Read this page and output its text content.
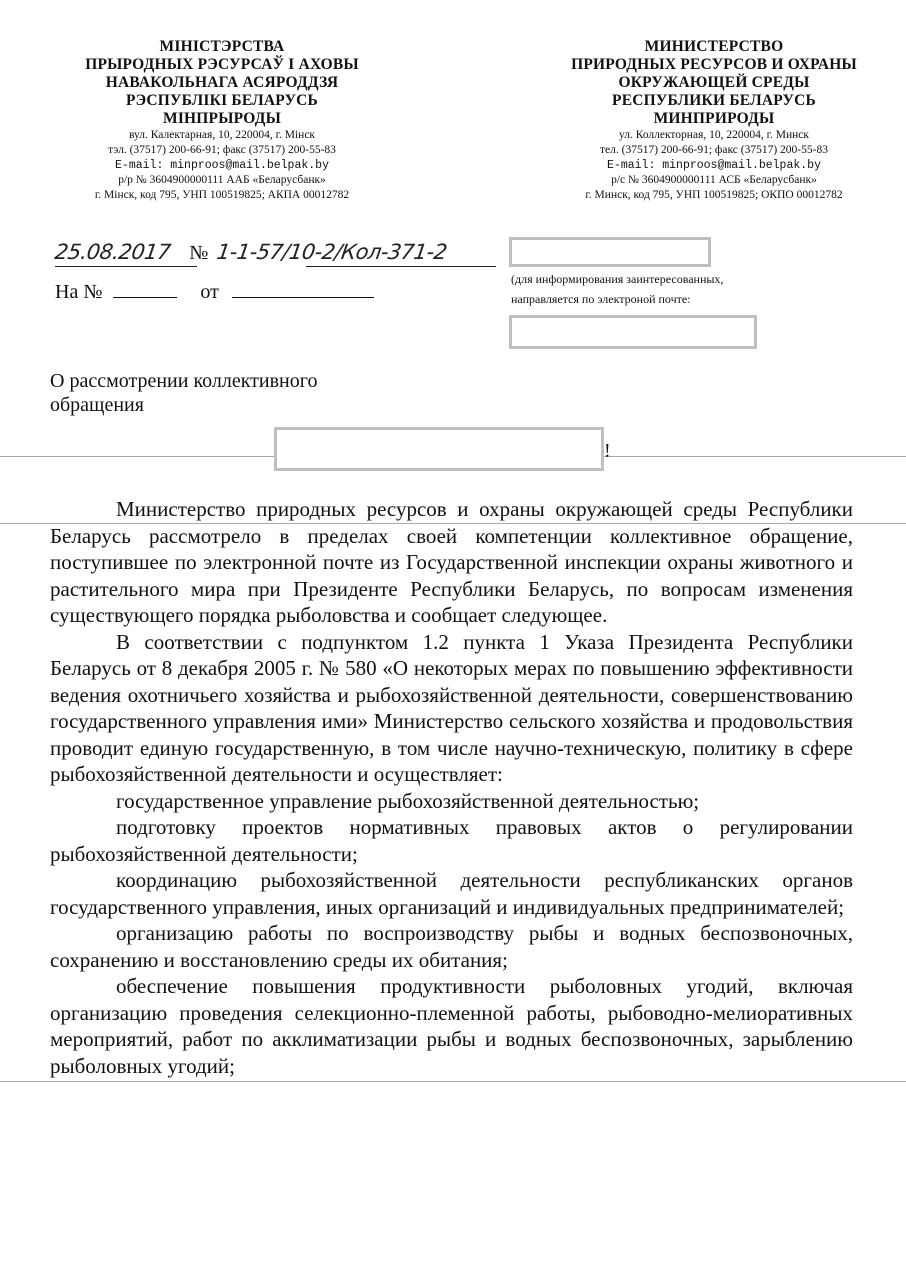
МІНІСТЭРСТВА
ПРЫРОДНЫХ РЭСУРСАЎ І АХОВЫ
НАВАКОЛЬНАГА АСЯРОДДЗЯ
РЭСПУБЛІКІ БЕЛАРУСЬ
МІНПРЫРОДЫ
вул. Калектарная, 10, 220004, г. Мінск
тэл. (37517) 200-66-91; факс (37517) 200-55-83
E-mail: minproos@mail.belpak.by
р/р № 3604900000111 ААБ «Беларусбанк»
г. Мінск, код 795, УНП 100519825; АКПА 00012782
МИНИСТЕРСТВО
ПРИРОДНЫХ РЕСУРСОВ И ОХРАНЫ
ОКРУЖАЮЩЕЙ СРЕДЫ
РЕСПУБЛИКИ БЕЛАРУСЬ
МИНПРИРОДЫ
ул. Коллекторная, 10, 220004, г. Минск
тел. (37517) 200-66-91; факс (37517) 200-55-83
E-mail: minproos@mail.belpak.by
р/с № 3604900000111 АСБ «Беларусбанк»
г. Минск, код 795, УНП 100519825; ОКПО 00012782
25.08.2017 № 1-1-57/10-2/Кол-371-2
На №	от
(для информирования заинтересованных,
направляется по электроной почте:
О рассмотрении коллективного
обращения
!

Министерство природных ресурсов и охраны окружающей среды Республики Беларусь рассмотрело в пределах своей компетенции коллективное обращение, поступившее по электронной почте из Государственной инспекции охраны животного и растительного мира при Президенте Республики Беларусь, по вопросам изменения существующего порядка рыболовства и сообщает следующее.

В соответствии с подпунктом 1.2 пункта 1 Указа Президента Республики Беларусь от 8 декабря 2005 г. № 580 «О некоторых мерах по повышению эффективности ведения охотничьего хозяйства и рыбохозяйственной деятельности, совершенствованию государственного управления ими» Министерство сельского хозяйства и продовольствия проводит единую государственную, в том числе научно-техническую, политику в сфере рыбохозяйственной деятельности и осуществляет:

государственное управление рыбохозяйственной деятельностью;

подготовку проектов нормативных правовых актов о регулировании рыбохозяйственной деятельности;

координацию рыбохозяйственной деятельности республиканских органов государственного управления, иных организаций и индивидуальных предпринимателей;

организацию работы по воспроизводству рыбы и водных беспозвоночных, сохранению и восстановлению среды их обитания;

обеспечение повышения продуктивности рыболовных угодий, включая организацию проведения селекционно-племенной работы, рыбоводно-мелиоративных мероприятий, работ по акклиматизации рыбы и водных беспозвоночных, зарыблению рыболовных угодий;
